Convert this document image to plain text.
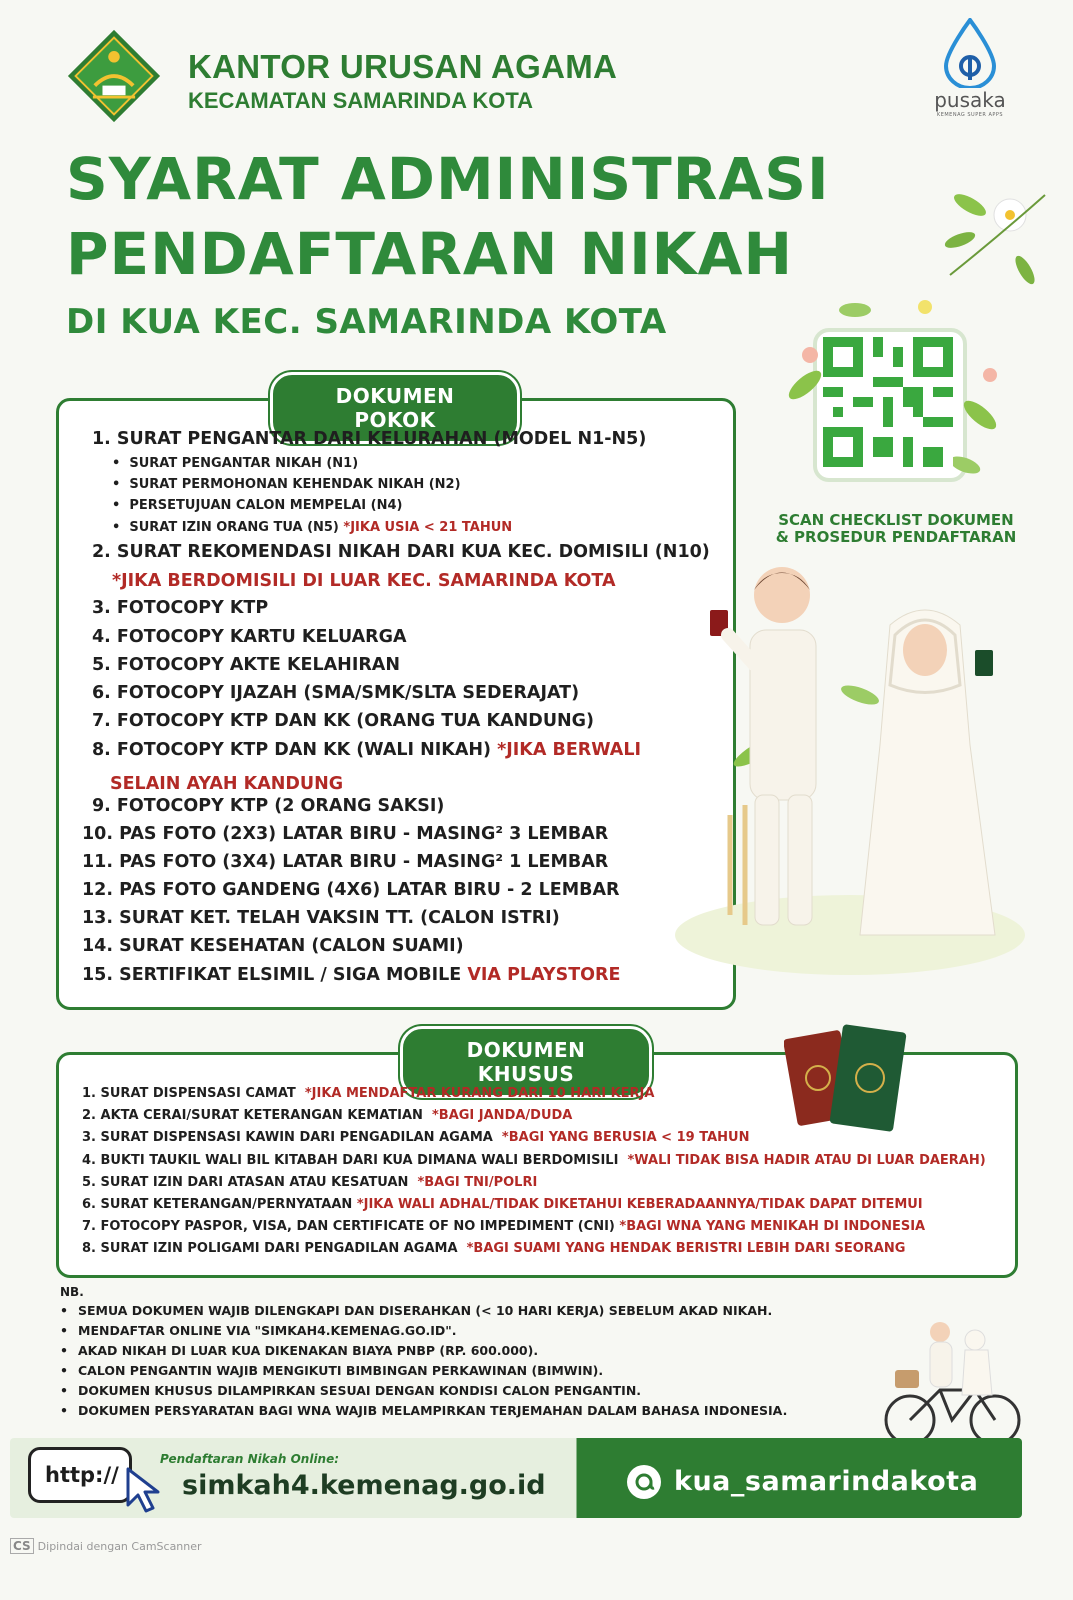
KANTOR URUSAN AGAMA
KECAMATAN SAMARINDA KOTA	pusaka
KEMENAG SUPER APPS
SYARAT ADMINISTRASI
PENDAFTARAN NIKAH
DI KUA KEC. SAMARINDA KOTA
SCAN CHECKLIST DOKUMEN
& PROSEDUR PENDAFTARAN
DOKUMEN POKOK
1. SURAT PENGANTAR DARI KELURAHAN (MODEL N1-N5)
•  SURAT PENGANTAR NIKAH (N1)
•  SURAT PERMOHONAN KEHENDAK NIKAH (N2)
•  PERSETUJUAN CALON MEMPELAI (N4)
•  SURAT IZIN ORANG TUA (N5) *JIKA USIA < 21 TAHUN
2. SURAT REKOMENDASI NIKAH DARI KUA KEC. DOMISILI (N10)
*JIKA BERDOMISILI DI LUAR KEC. SAMARINDA KOTA
3. FOTOCOPY KTP
4. FOTOCOPY KARTU KELUARGA
5. FOTOCOPY AKTE KELAHIRAN
6. FOTOCOPY IJAZAH (SMA/SMK/SLTA SEDERAJAT)
7. FOTOCOPY KTP DAN KK (ORANG TUA KANDUNG)
8. FOTOCOPY KTP DAN KK (WALI NIKAH) *JIKA BERWALI
SELAIN AYAH KANDUNG
9. FOTOCOPY KTP (2 ORANG SAKSI)
10. PAS FOTO (2X3) LATAR BIRU - MASING² 3 LEMBAR
11. PAS FOTO (3X4) LATAR BIRU - MASING² 1 LEMBAR
12. PAS FOTO GANDENG (4X6) LATAR BIRU - 2 LEMBAR
13. SURAT KET. TELAH VAKSIN TT. (CALON ISTRI)
14. SURAT KESEHATAN (CALON SUAMI)
15. SERTIFIKAT ELSIMIL / SIGA MOBILE VIA PLAYSTORE
DOKUMEN KHUSUS
1. SURAT DISPENSASI CAMAT *JIKA MENDAFTAR KURANG DARI 10 HARI KERJA
2. AKTA CERAI/SURAT KETERANGAN KEMATIAN *BAGI JANDA/DUDA
3. SURAT DISPENSASI KAWIN DARI PENGADILAN AGAMA *BAGI YANG BERUSIA < 19 TAHUN
4. BUKTI TAUKIL WALI BIL KITABAH DARI KUA DIMANA WALI BERDOMISILI *WALI TIDAK BISA HADIR ATAU DI LUAR DAERAH)
5. SURAT IZIN DARI ATASAN ATAU KESATUAN *BAGI TNI/POLRI
6. SURAT KETERANGAN/PERNYATAAN *JIKA WALI ADHAL/TIDAK DIKETAHUI KEBERADAANNYA/TIDAK DAPAT DITEMUI
7. FOTOCOPY PASPOR, VISA, DAN CERTIFICATE OF NO IMPEDIMENT (CNI) *BAGI WNA YANG MENIKAH DI INDONESIA
8. SURAT IZIN POLIGAMI DARI PENGADILAN AGAMA *BAGI SUAMI YANG HENDAK BERISTRI LEBIH DARI SEORANG
NB.
• SEMUA DOKUMEN WAJIB DILENGKAPI DAN DISERAHKAN (< 10 HARI KERJA) SEBELUM AKAD NIKAH.
• MENDAFTAR ONLINE VIA "SIMKAH4.KEMENAG.GO.ID".
• AKAD NIKAH DI LUAR KUA DIKENAKAN BIAYA PNBP (RP. 600.000).
• CALON PENGANTIN WAJIB MENGIKUTI BIMBINGAN PERKAWINAN (BIMWIN).
• DOKUMEN KHUSUS DILAMPIRKAN SESUAI DENGAN KONDISI CALON PENGANTIN.
• DOKUMEN PERSYARATAN BAGI WNA WAJIB MELAMPIRKAN TERJEMAHAN DALAM BAHASA INDONESIA.
http://
Pendaftaran Nikah Online:
simkah4.kemenag.go.id	kua_samarindakota
CS Dipindai dengan CamScanner
